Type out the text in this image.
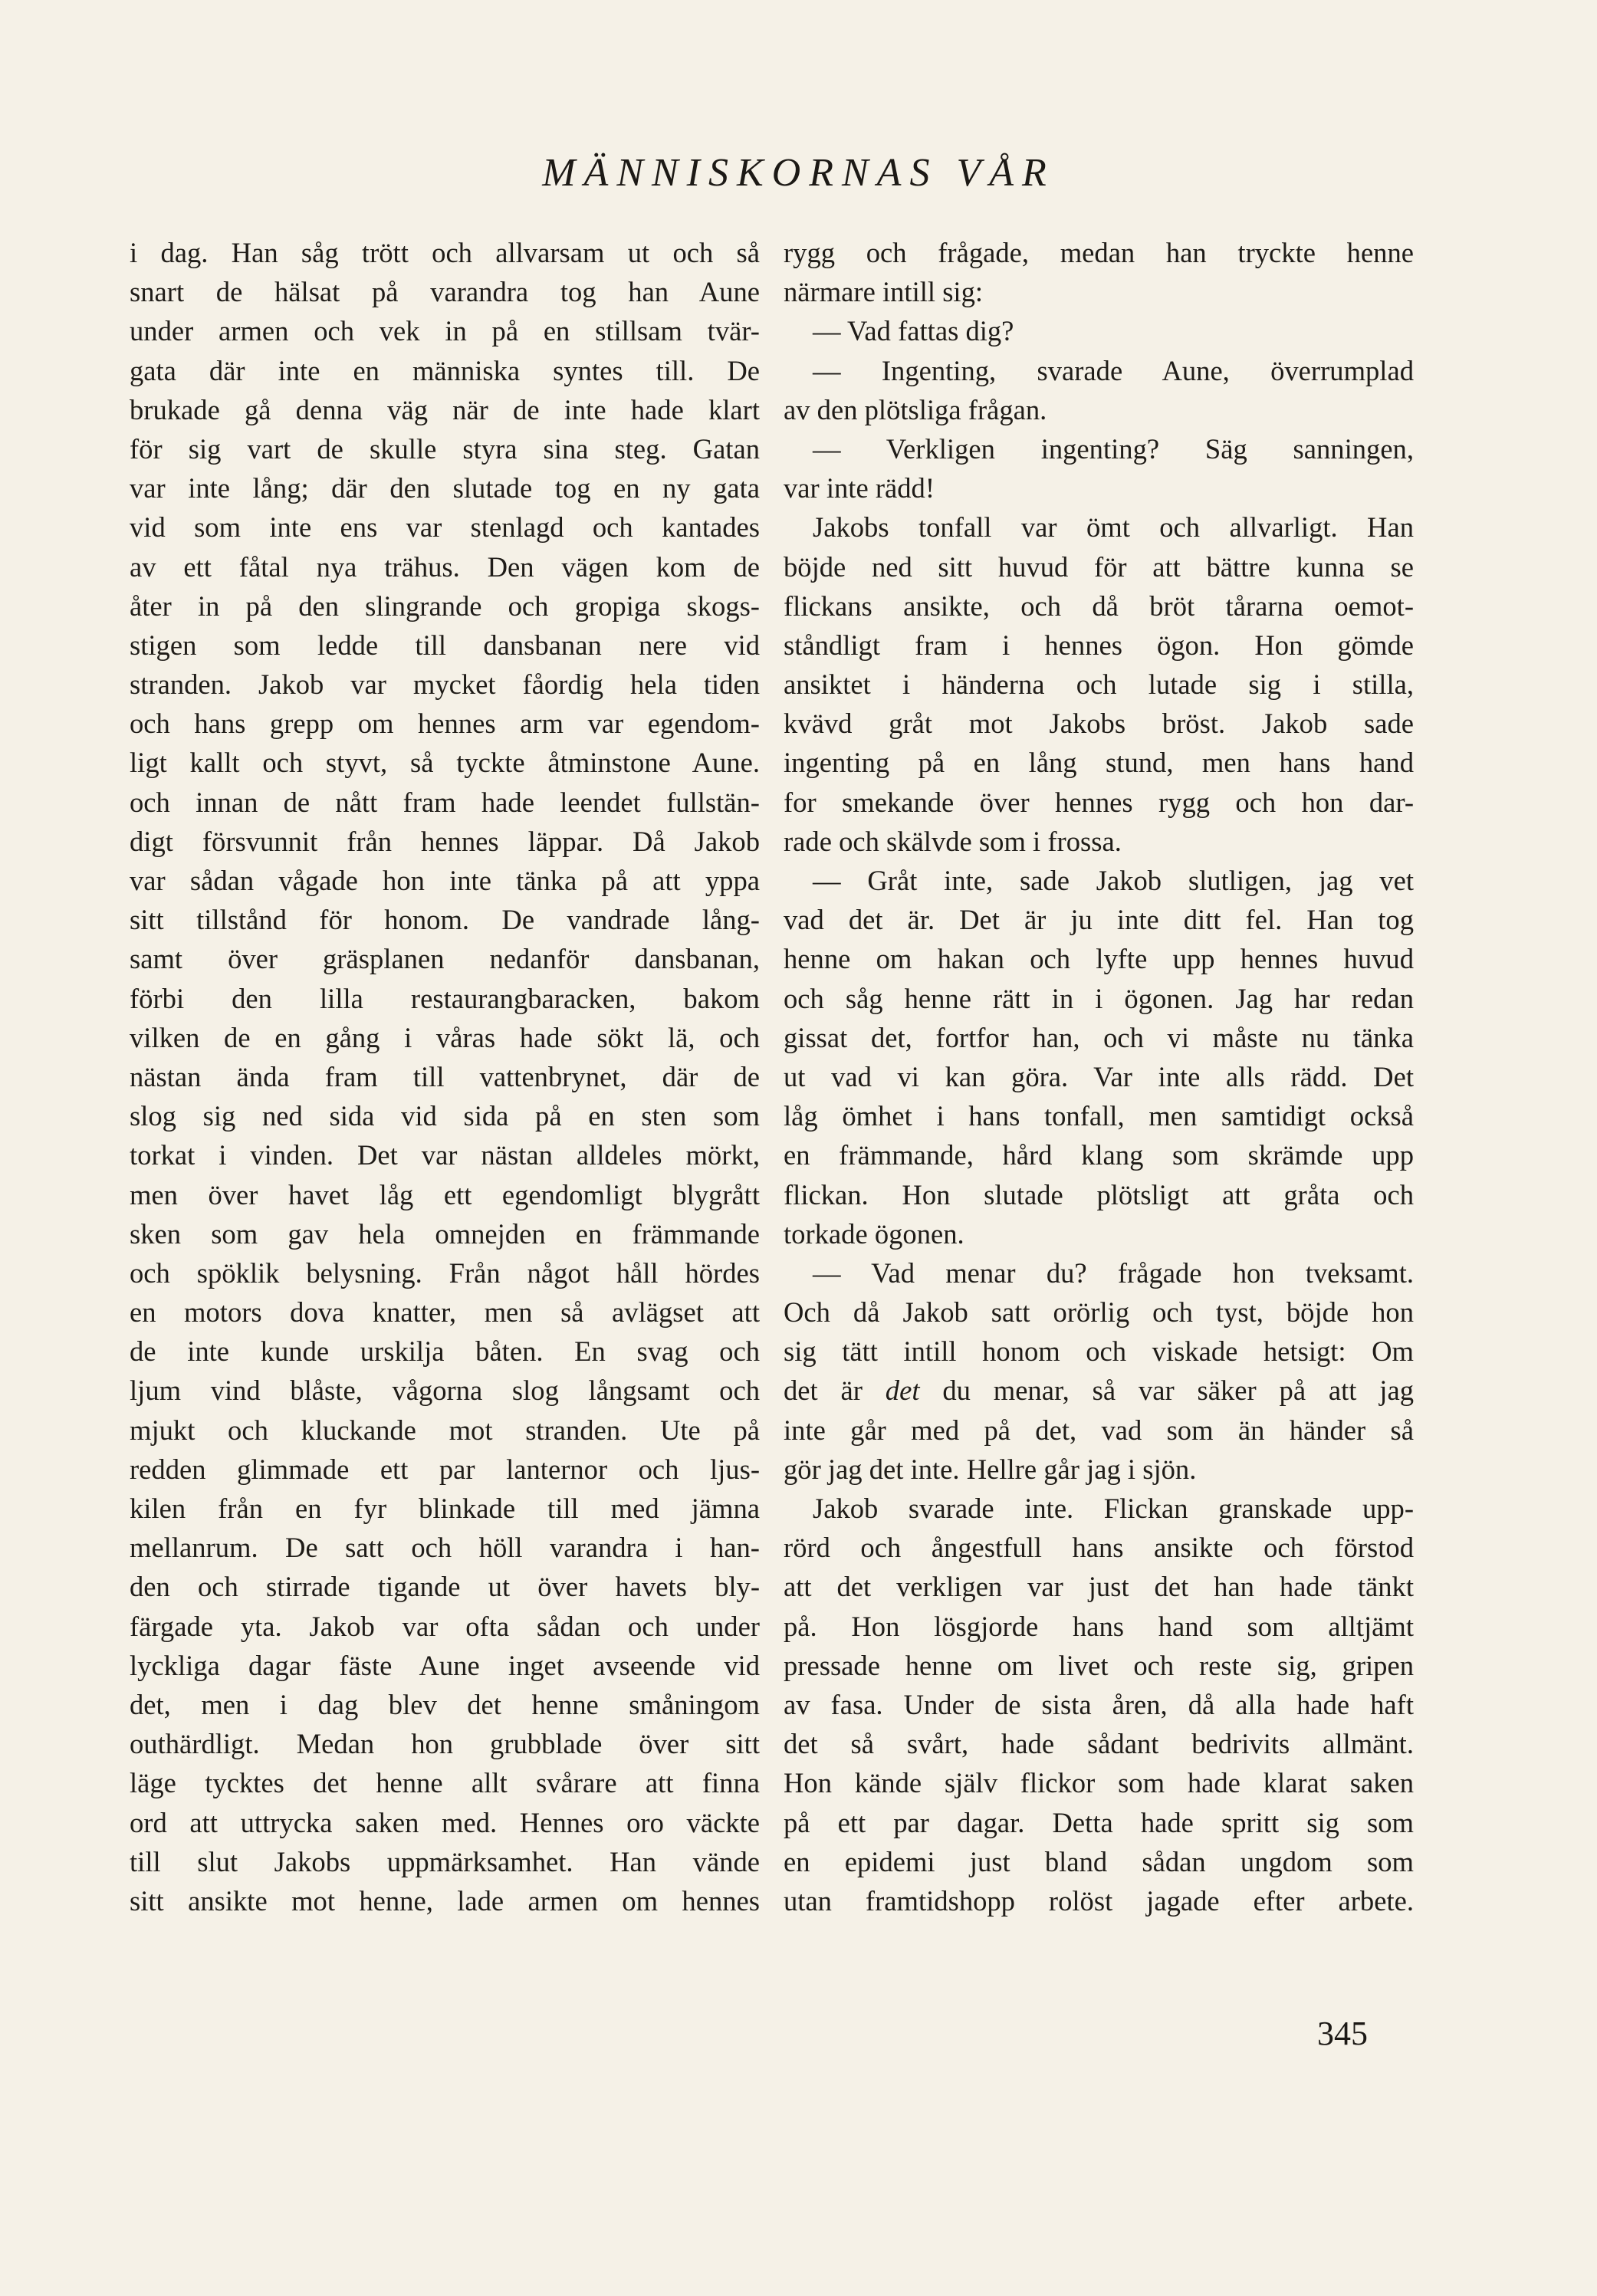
MÄNNISKORNAS VÅR
i dag. Han såg trött och allvarsam ut och så
snart de hälsat på varandra tog han Aune
under armen och vek in på en stillsam tvär-
gata där inte en människa syntes till. De
brukade gå denna väg när de inte hade klart
för sig vart de skulle styra sina steg. Gatan
var inte lång; där den slutade tog en ny gata
vid som inte ens var stenlagd och kantades
av ett fåtal nya trähus. Den vägen kom de
åter in på den slingrande och gropiga skogs-
stigen som ledde till dansbanan nere vid
stranden. Jakob var mycket fåordig hela tiden
och hans grepp om hennes arm var egendom-
ligt kallt och styvt, så tyckte åtminstone Aune.
och innan de nått fram hade leendet fullstän-
digt försvunnit från hennes läppar. Då Jakob
var sådan vågade hon inte tänka på att yppa
sitt tillstånd för honom. De vandrade lång-
samt över gräsplanen nedanför dansbanan,
förbi den lilla restaurangbaracken, bakom
vilken de en gång i våras hade sökt lä, och
nästan ända fram till vattenbrynet, där de
slog sig ned sida vid sida på en sten som
torkat i vinden. Det var nästan alldeles mörkt,
men över havet låg ett egendomligt blygrått
sken som gav hela omnejden en främmande
och spöklik belysning. Från något håll hördes
en motors dova knatter, men så avlägset att
de inte kunde urskilja båten. En svag och
ljum vind blåste, vågorna slog långsamt och
mjukt och kluckande mot stranden. Ute på
redden glimmade ett par lanternor och ljus-
kilen från en fyr blinkade till med jämna
mellanrum. De satt och höll varandra i han-
den och stirrade tigande ut över havets bly-
färgade yta. Jakob var ofta sådan och under
lyckliga dagar fäste Aune inget avseende vid
det, men i dag blev det henne småningom
outhärdligt. Medan hon grubblade över sitt
läge tycktes det henne allt svårare att finna
ord att uttrycka saken med. Hennes oro väckte
till slut Jakobs uppmärksamhet. Han vände
sitt ansikte mot henne, lade armen om hennes
rygg och frågade, medan han tryckte henne
närmare intill sig:
— Vad fattas dig?
— Ingenting, svarade Aune, överrumplad
av den plötsliga frågan.
— Verkligen ingenting? Säg sanningen,
var inte rädd!
Jakobs tonfall var ömt och allvarligt. Han
böjde ned sitt huvud för att bättre kunna se
flickans ansikte, och då bröt tårarna oemot-
ståndligt fram i hennes ögon. Hon gömde
ansiktet i händerna och lutade sig i stilla,
kvävd gråt mot Jakobs bröst. Jakob sade
ingenting på en lång stund, men hans hand
for smekande över hennes rygg och hon dar-
rade och skälvde som i frossa.
— Gråt inte, sade Jakob slutligen, jag vet
vad det är. Det är ju inte ditt fel. Han tog
henne om hakan och lyfte upp hennes huvud
och såg henne rätt in i ögonen. Jag har redan
gissat det, fortfor han, och vi måste nu tänka
ut vad vi kan göra. Var inte alls rädd. Det
låg ömhet i hans tonfall, men samtidigt också
en främmande, hård klang som skrämde upp
flickan. Hon slutade plötsligt att gråta och
torkade ögonen.
— Vad menar du? frågade hon tveksamt.
Och då Jakob satt orörlig och tyst, böjde hon
sig tätt intill honom och viskade hetsigt: Om
det är det du menar, så var säker på att jag
inte går med på det, vad som än händer så
gör jag det inte. Hellre går jag i sjön.
Jakob svarade inte. Flickan granskade upp-
rörd och ångestfull hans ansikte och förstod
att det verkligen var just det han hade tänkt
på. Hon lösgjorde hans hand som alltjämt
pressade henne om livet och reste sig, gripen
av fasa. Under de sista åren, då alla hade haft
det så svårt, hade sådant bedrivits allmänt.
Hon kände själv flickor som hade klarat saken
på ett par dagar. Detta hade spritt sig som
en epidemi just bland sådan ungdom som
utan framtidshopp rolöst jagade efter arbete.
345
